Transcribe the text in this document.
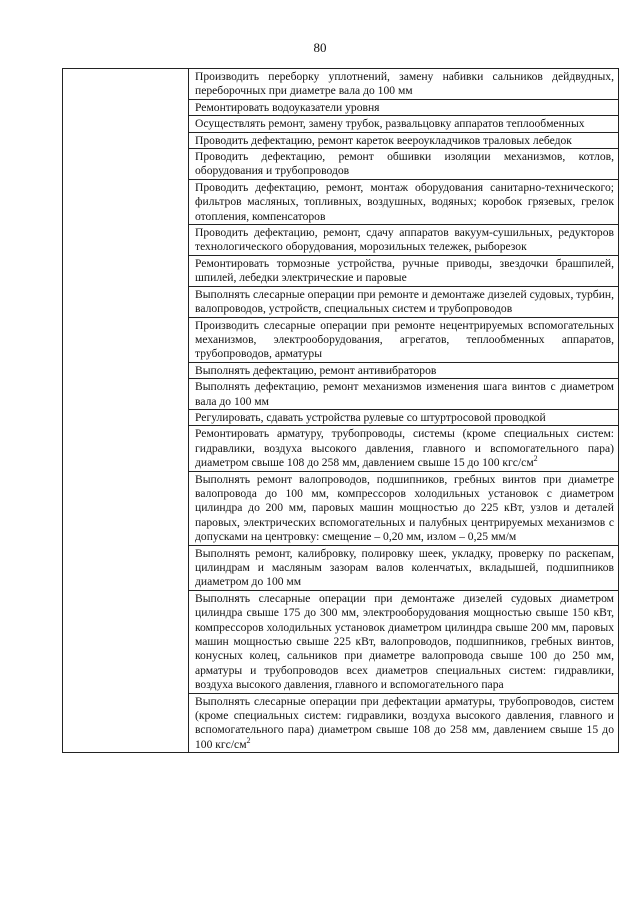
80
Производить переборку уплотнений, замену набивки сальников дейдвудных, переборочных при диаметре вала до 100 мм
Ремонтировать водоуказатели уровня
Осуществлять ремонт, замену трубок, развальцовку аппаратов теплообменных
Проводить дефектацию, ремонт кареток веероукладчиков траловых лебедок
Проводить дефектацию, ремонт обшивки изоляции механизмов, котлов, оборудования и трубопроводов
Проводить дефектацию, ремонт, монтаж оборудования санитарно-технического; фильтров масляных, топливных, воздушных, водяных; коробок грязевых, грелок отопления, компенсаторов
Проводить дефектацию, ремонт, сдачу аппаратов вакуум-сушильных, редукторов технологического оборудования, морозильных тележек, рыборезок
Ремонтировать тормозные устройства, ручные приводы, звездочки брашпилей, шпилей, лебедки электрические и паровые
Выполнять слесарные операции при ремонте и демонтаже дизелей судовых, турбин, валопроводов, устройств, специальных систем и трубопроводов
Производить слесарные операции при ремонте нецентрируемых вспомогательных механизмов, электрооборудования, агрегатов, теплообменных аппаратов, трубопроводов, арматуры
Выполнять дефектацию, ремонт антивибраторов
Выполнять дефектацию, ремонт механизмов изменения шага винтов с диаметром вала до 100 мм
Регулировать, сдавать устройства рулевые со штуртросовой проводкой
Ремонтировать арматуру, трубопроводы, системы (кроме специальных систем: гидравлики, воздуха высокого давления, главного и вспомогательного пара) диаметром свыше 108 до 258 мм, давлением свыше 15 до 100 кгс/$см^2$
Выполнять ремонт валопроводов, подшипников, гребных винтов при диаметре валопровода до 100 мм, компрессоров холодильных установок с диаметром цилиндра до 200 мм, паровых машин мощностью до 225 кВт, узлов и деталей паровых, электрических вспомогательных и палубных центрируемых механизмов с допусками на центровку: смещение – 0,20 мм, излом – 0,25 мм/м
Выполнять ремонт, калибровку, полировку шеек, укладку, проверку по раскепам, цилиндрам и масляным зазорам валов коленчатых, вкладышей, подшипников диаметром до 100 мм
Выполнять слесарные операции при демонтаже дизелей судовых диаметром цилиндра свыше 175 до 300 мм, электрооборудования мощностью свыше 150 кВт, компрессоров холодильных установок диаметром цилиндра свыше 200 мм, паровых машин мощностью свыше 225 кВт, валопроводов, подшипников, гребных винтов, конусных колец, сальников при диаметре валопровода свыше 100 до 250 мм, арматуры и трубопроводов всех диаметров специальных систем: гидравлики, воздуха высокого давления, главного и вспомогательного пара
Выполнять слесарные операции при дефектации арматуры, трубопроводов, систем (кроме специальных систем: гидравлики, воздуха высокого давления, главного и вспомогательного пара) диаметром свыше 108 до 258 мм, давлением свыше 15 до 100 кгс/$см^2$
